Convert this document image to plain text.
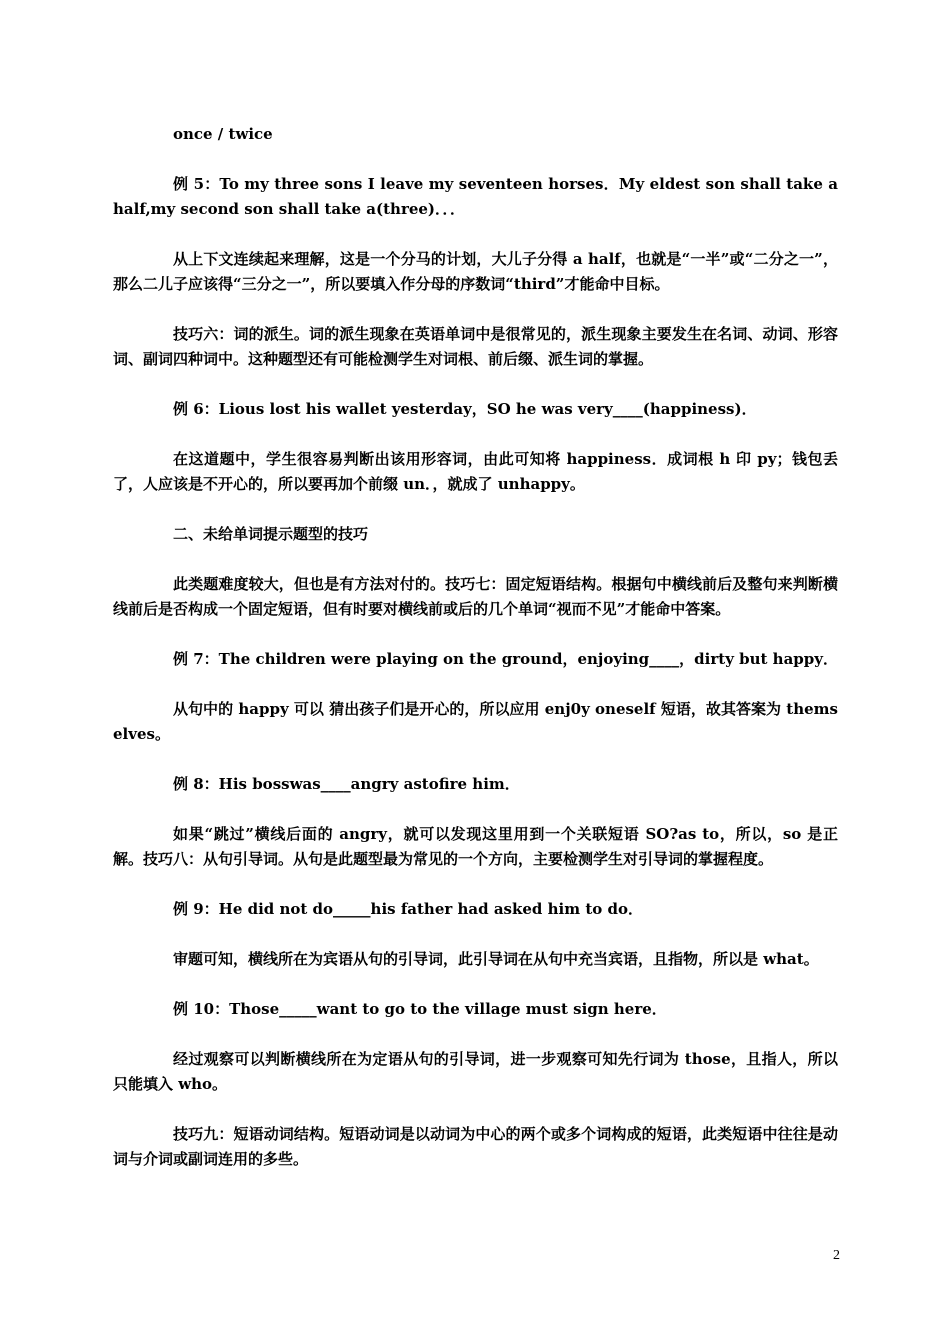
once / twice

例 5：To my three sons I leave my seventeen horses．My eldest son shall take a half,my second son shall take a(three)．．．

从上下文连续起来理解，这是一个分马的计划，大儿子分得 a half，也就是“一半”或“二分之一”，那么二儿子应该得“三分之一”，所以要填入作分母的序数词“third”才能命中目标。

技巧六：词的派生。词的派生现象在英语单词中是很常见的，派生现象主要发生在名词、动词、形容词、副词四种词中。这种题型还有可能检测学生对词根、前后缀、派生词的掌握。

例 6：Lious lost his wallet yesterday，SO he was very____(happiness)．

在这道题中，学生很容易判断出该用形容词，由此可知将 happiness．成词根 h 印 py；钱包丢了，人应该是不开心的，所以要再加个前缀 un．，就成了 unhappy。

二、未给单词提示题型的技巧

此类题难度较大，但也是有方法对付的。技巧七：固定短语结构。根据句中横线前后及整句来判断横线前后是否构成一个固定短语，但有时要对横线前或后的几个单词“视而不见”才能命中答案。

例 7：The children were playing on the ground，enjoying____，dirty but happy．

从句中的 happy 可以 猜出孩子们是开心的，所以应用 enj0y oneself 短语，故其答案为 themselves。

例 8：His bosswas____angry astofire him．

如果“跳过”横线后面的 angry，就可以发现这里用到一个关联短语 SO?as to，所以，so 是正解。技巧八：从句引导词。从句是此题型最为常见的一个方向，主要检测学生对引导词的掌握程度。

例 9：He did not do_____his father had asked him to do．

审题可知，横线所在为宾语从句的引导词，此引导词在从句中充当宾语，且指物，所以是 what。

例 10：Those_____want to go to the village must sign here．

经过观察可以判断横线所在为定语从句的引导词，进一步观察可知先行词为 those，且指人，所以只能填入 who。

技巧九：短语动词结构。短语动词是以动词为中心的两个或多个词构成的短语，此类短语中往往是动词与介词或副词连用的多些。

2
